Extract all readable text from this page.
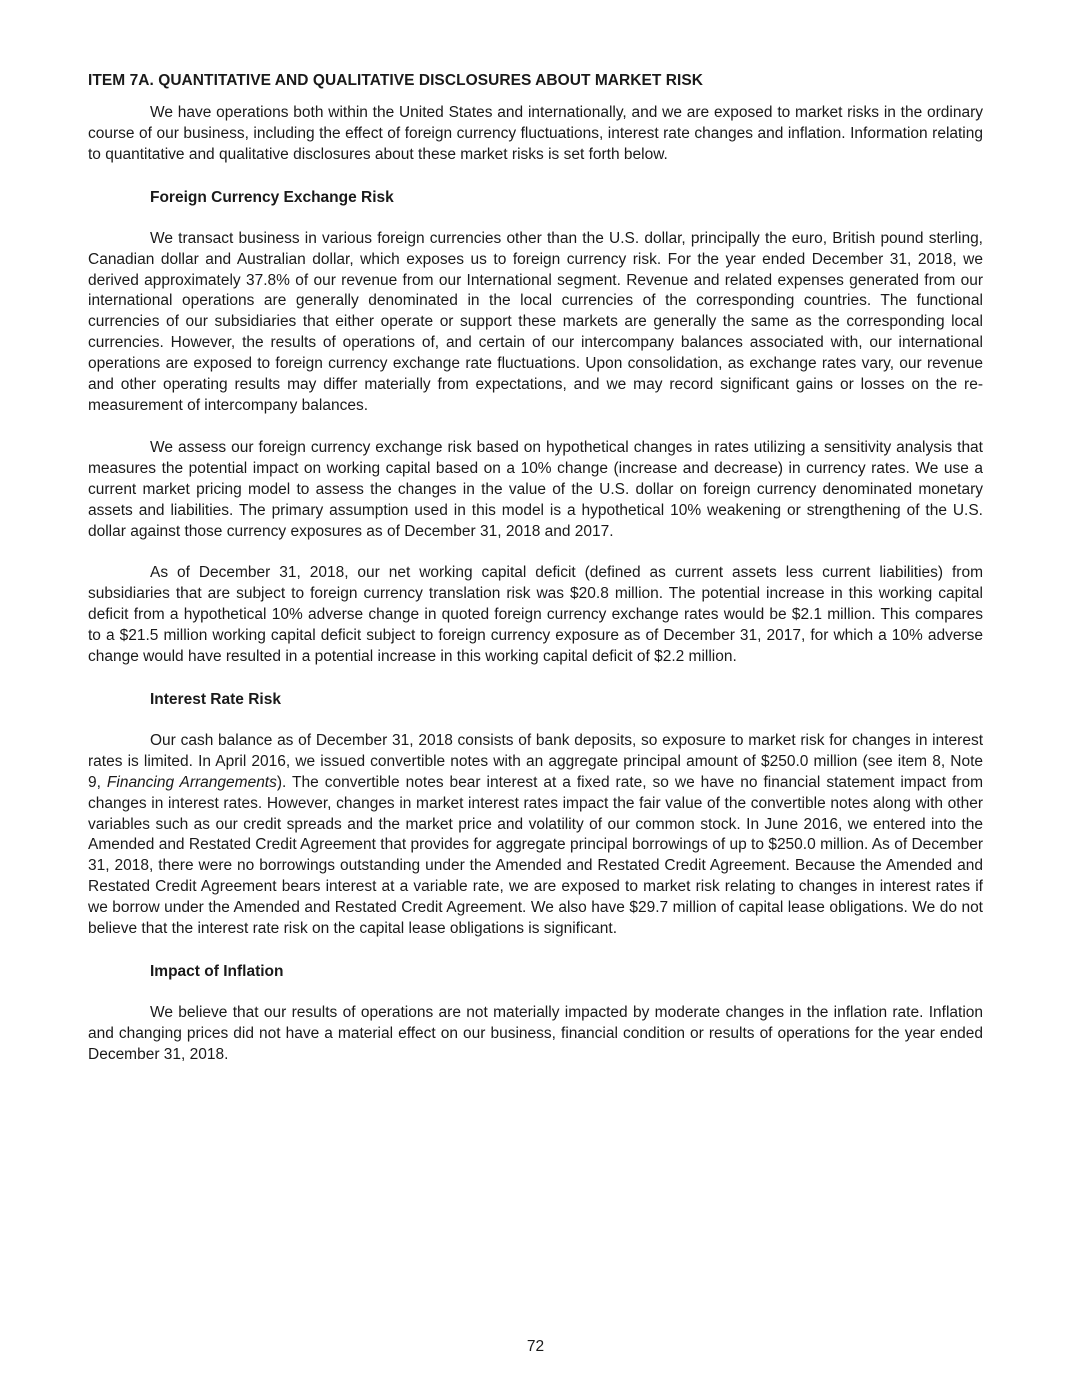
ITEM 7A. QUANTITATIVE AND QUALITATIVE DISCLOSURES ABOUT MARKET RISK

We have operations both within the United States and internationally, and we are exposed to market risks in the ordinary course of our business, including the effect of foreign currency fluctuations, interest rate changes and inflation. Information relating to quantitative and qualitative disclosures about these market risks is set forth below.

Foreign Currency Exchange Risk

We transact business in various foreign currencies other than the U.S. dollar, principally the euro, British pound sterling, Canadian dollar and Australian dollar, which exposes us to foreign currency risk. For the year ended December 31, 2018, we derived approximately 37.8% of our revenue from our International segment. Revenue and related expenses generated from our international operations are generally denominated in the local currencies of the corresponding countries. The functional currencies of our subsidiaries that either operate or support these markets are generally the same as the corresponding local currencies. However, the results of operations of, and certain of our intercompany balances associated with, our international operations are exposed to foreign currency exchange rate fluctuations. Upon consolidation, as exchange rates vary, our revenue and other operating results may differ materially from expectations, and we may record significant gains or losses on the re-measurement of intercompany balances.

We assess our foreign currency exchange risk based on hypothetical changes in rates utilizing a sensitivity analysis that measures the potential impact on working capital based on a 10% change (increase and decrease) in currency rates. We use a current market pricing model to assess the changes in the value of the U.S. dollar on foreign currency denominated monetary assets and liabilities. The primary assumption used in this model is a hypothetical 10% weakening or strengthening of the U.S. dollar against those currency exposures as of December 31, 2018 and 2017.

As of December 31, 2018, our net working capital deficit (defined as current assets less current liabilities) from subsidiaries that are subject to foreign currency translation risk was $20.8 million. The potential increase in this working capital deficit from a hypothetical 10% adverse change in quoted foreign currency exchange rates would be $2.1 million. This compares to a $21.5 million working capital deficit subject to foreign currency exposure as of December 31, 2017, for which a 10% adverse change would have resulted in a potential increase in this working capital deficit of $2.2 million.

Interest Rate Risk

Our cash balance as of December 31, 2018 consists of bank deposits, so exposure to market risk for changes in interest rates is limited. In April 2016, we issued convertible notes with an aggregate principal amount of $250.0 million (see item 8, Note 9, Financing Arrangements). The convertible notes bear interest at a fixed rate, so we have no financial statement impact from changes in interest rates. However, changes in market interest rates impact the fair value of the convertible notes along with other variables such as our credit spreads and the market price and volatility of our common stock. In June 2016, we entered into the Amended and Restated Credit Agreement that provides for aggregate principal borrowings of up to $250.0 million. As of December 31, 2018, there were no borrowings outstanding under the Amended and Restated Credit Agreement. Because the Amended and Restated Credit Agreement bears interest at a variable rate, we are exposed to market risk relating to changes in interest rates if we borrow under the Amended and Restated Credit Agreement. We also have $29.7 million of capital lease obligations. We do not believe that the interest rate risk on the capital lease obligations is significant.

Impact of Inflation

We believe that our results of operations are not materially impacted by moderate changes in the inflation rate. Inflation and changing prices did not have a material effect on our business, financial condition or results of operations for the year ended December 31, 2018.

72
